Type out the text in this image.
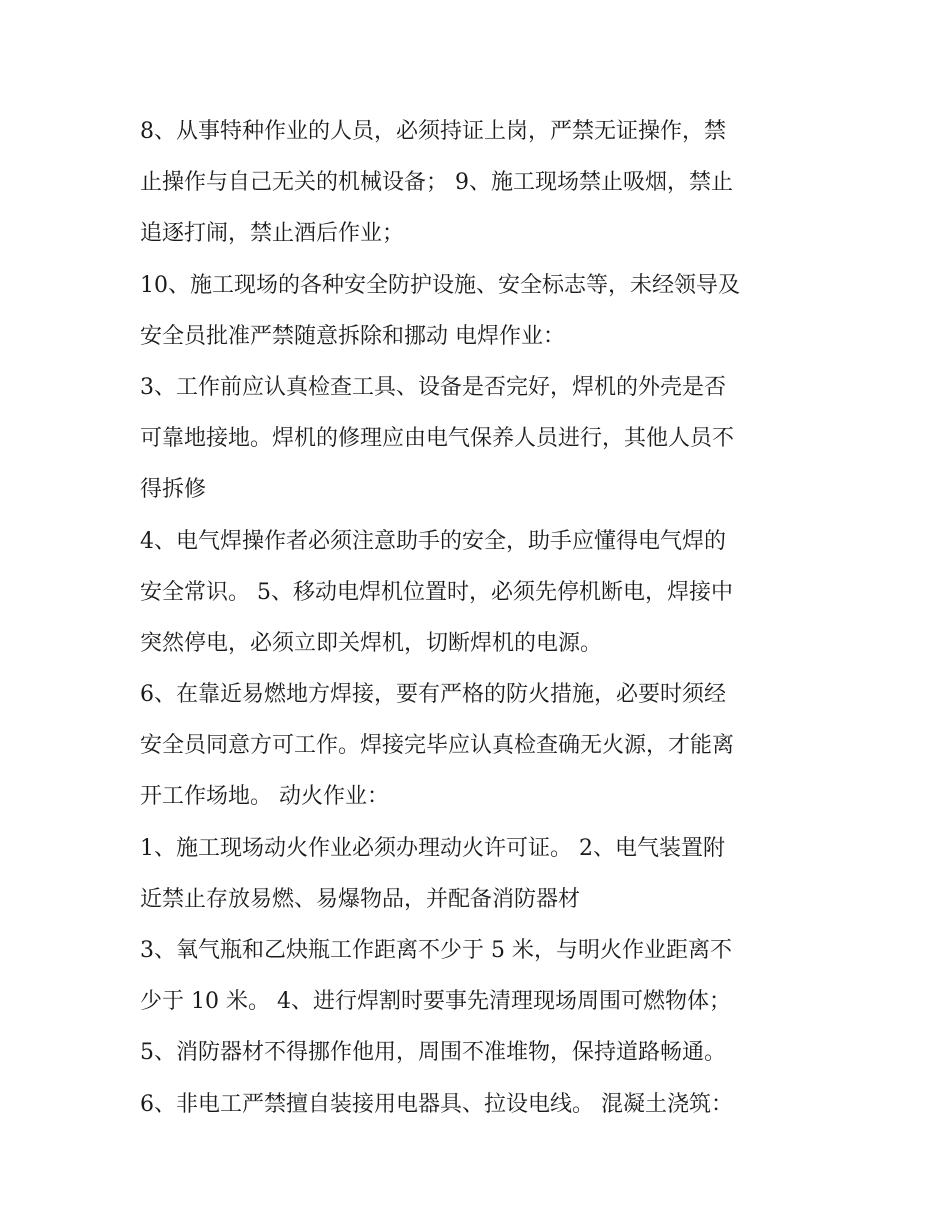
8、从事特种作业的人员，必须持证上岗，严禁无证操作，禁
止操作与自己无关的机械设备； 9、施工现场禁止吸烟，禁止
追逐打闹，禁止酒后作业；
10、施工现场的各种安全防护设施、安全标志等，未经领导及
安全员批准严禁随意拆除和挪动 电焊作业：
3、工作前应认真检查工具、设备是否完好，焊机的外壳是否
可靠地接地。焊机的修理应由电气保养人员进行，其他人员不
得拆修
4、电气焊操作者必须注意助手的安全，助手应懂得电气焊的
安全常识。 5、移动电焊机位置时，必须先停机断电，焊接中
突然停电，必须立即关焊机，切断焊机的电源。
6、在靠近易燃地方焊接，要有严格的防火措施，必要时须经
安全员同意方可工作。焊接完毕应认真检查确无火源，才能离
开工作场地。 动火作业：
1、施工现场动火作业必须办理动火许可证。 2、电气装置附
近禁止存放易燃、易爆物品，并配备消防器材
3、氧气瓶和乙炔瓶工作距离不少于 5 米，与明火作业距离不
少于 10 米。 4、进行焊割时要事先清理现场周围可燃物体；
5、消防器材不得挪作他用，周围不准堆物，保持道路畅通。
6、非电工严禁擅自装接用电器具、拉设电线。 混凝土浇筑：
